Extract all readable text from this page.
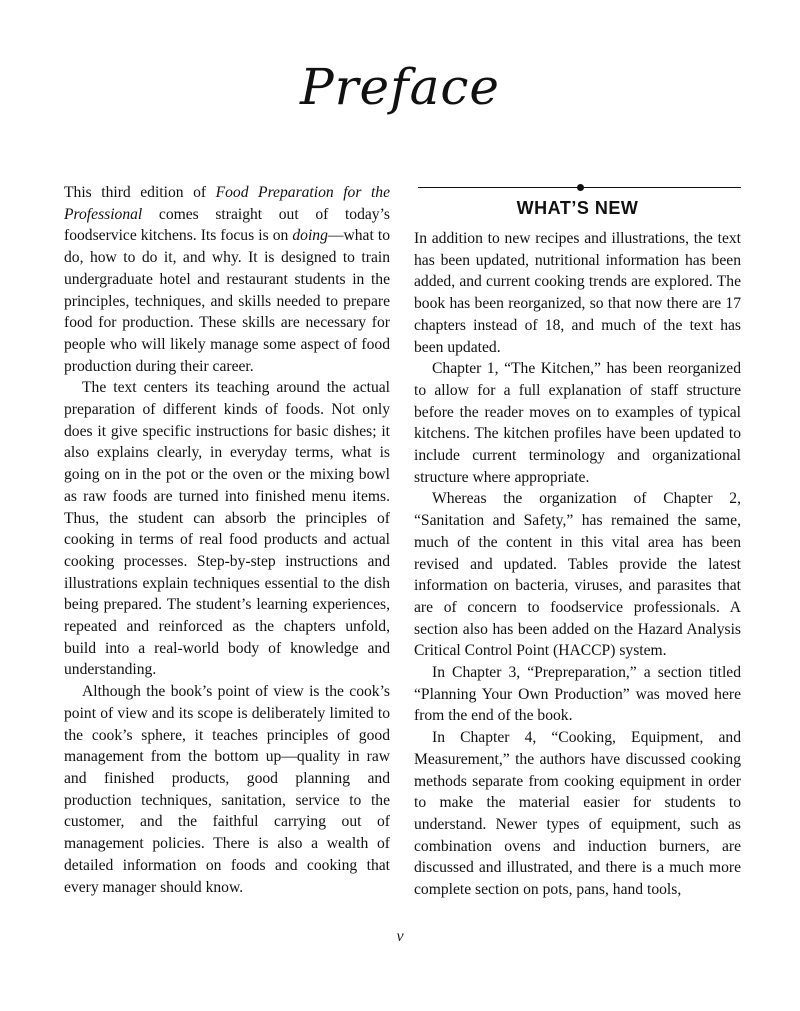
Preface

This third edition of Food Preparation for the Professional comes straight out of today’s foodservice kitchens. Its focus is on doing—what to do, how to do it, and why. It is designed to train undergraduate hotel and restaurant students in the principles, techniques, and skills needed to prepare food for production. These skills are necessary for people who will likely manage some aspect of food production during their career.

The text centers its teaching around the actual preparation of different kinds of foods. Not only does it give specific instructions for basic dishes; it also explains clearly, in everyday terms, what is going on in the pot or the oven or the mixing bowl as raw foods are turned into finished menu items. Thus, the student can absorb the principles of cooking in terms of real food products and actual cooking processes. Step-by-step instructions and illustrations explain techniques essential to the dish being prepared. The student’s learning experiences, repeated and reinforced as the chapters unfold, build into a real-world body of knowledge and understanding.

Although the book’s point of view is the cook’s point of view and its scope is deliberately limited to the cook’s sphere, it teaches principles of good management from the bottom up—quality in raw and finished products, good planning and production techniques, sanitation, service to the customer, and the faithful carrying out of management policies. There is also a wealth of detailed information on foods and cooking that every manager should know.

WHAT’S NEW

In addition to new recipes and illustrations, the text has been updated, nutritional information has been added, and current cooking trends are explored. The book has been reorganized, so that now there are 17 chapters instead of 18, and much of the text has been updated.

Chapter 1, “The Kitchen,” has been reorganized to allow for a full explanation of staff structure before the reader moves on to examples of typical kitchens. The kitchen profiles have been updated to include current terminology and organizational structure where appropriate.

Whereas the organization of Chapter 2, “Sanitation and Safety,” has remained the same, much of the content in this vital area has been revised and updated. Tables provide the latest information on bacteria, viruses, and parasites that are of concern to foodservice professionals. A section also has been added on the Hazard Analysis Critical Control Point (HACCP) system.

In Chapter 3, “Prepreparation,” a section titled “Planning Your Own Production” was moved here from the end of the book.

In Chapter 4, “Cooking, Equipment, and Measurement,” the authors have discussed cooking methods separate from cooking equipment in order to make the material easier for students to understand. Newer types of equipment, such as combination ovens and induction burners, are discussed and illustrated, and there is a much more complete section on pots, pans, hand tools,

v
